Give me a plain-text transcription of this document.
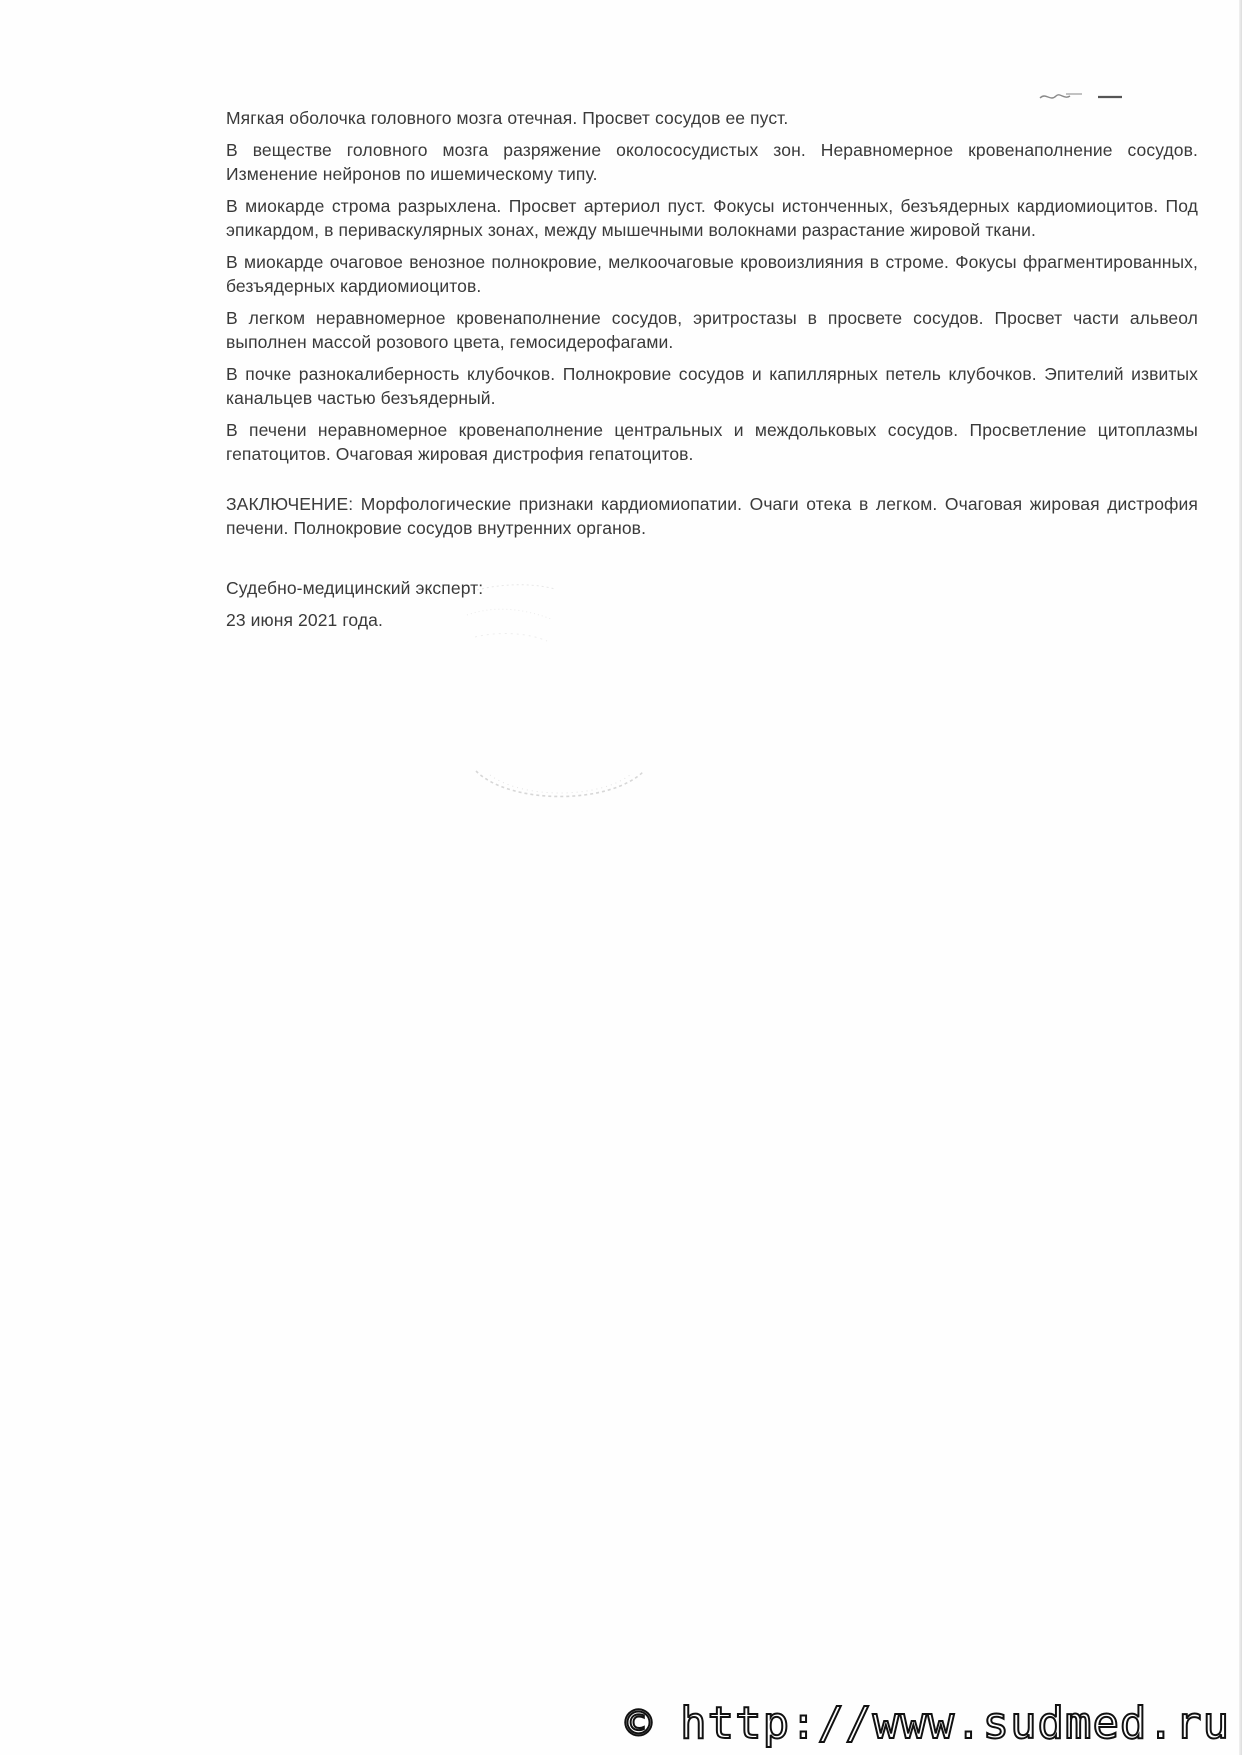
Мягкая оболочка головного мозга отечная. Просвет сосудов ее пуст.

В веществе головного мозга разряжение околососудистых зон. Неравномерное кровенаполнение сосудов. Изменение нейронов по ишемическому типу.

В миокарде строма разрыхлена. Просвет артериол пуст. Фокусы истонченных, безъядерных кардиомиоцитов. Под эпикардом, в периваскулярных зонах, между мышечными волокнами разрастание жировой ткани.

В миокарде очаговое венозное полнокровие, мелкоочаговые кровоизлияния в строме. Фокусы фрагментированных, безъядерных кардиомиоцитов.

В легком неравномерное кровенаполнение сосудов, эритростазы в просвете сосудов. Просвет части альвеол выполнен массой розового цвета, гемосидерофагами.

В почке разнокалиберность клубочков. Полнокровие сосудов и капиллярных петель клубочков. Эпителий извитых канальцев частью безъядерный.

В печени неравномерное кровенаполнение центральных и междольковых сосудов. Просветление цитоплазмы гепатоцитов. Очаговая жировая дистрофия гепатоцитов.

ЗАКЛЮЧЕНИЕ: Морфологические признаки кардиомиопатии. Очаги отека в легком. Очаговая жировая дистрофия печени. Полнокровие сосудов внутренних органов.

Судебно-медицинский эксперт:

23 июня 2021 года.

© http://www.sudmed.ru
